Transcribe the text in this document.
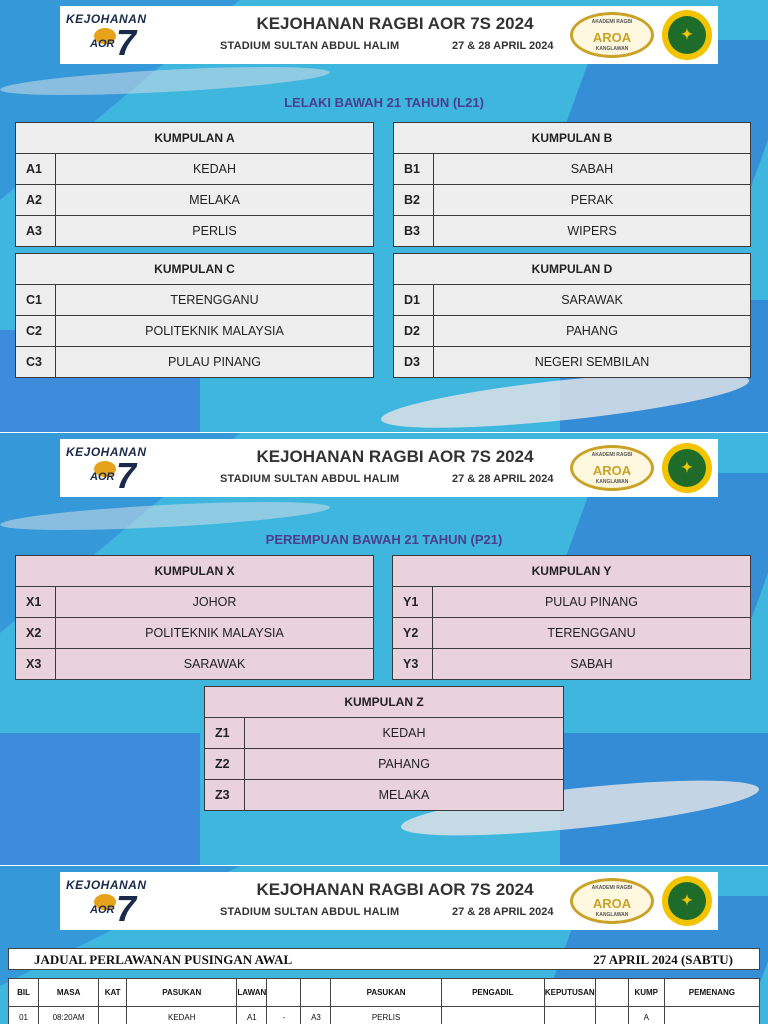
KEJOHANAN
AOR 7	KEJOHANAN RAGBI AOR 7S 2024
STADIUM SULTAN ABDUL HALIM	27 & 28 APRIL 2024
AKADEMI RAGBI
AROA
KANGLAWAN
✦
LELAKI BAWAH 21 TAHUN (L21)
KUMPULAN A	
A1	KEDAH
A2	MELAKA
A3	PERLIS
KUMPULAN B	
B1	SABAH
B2	PERAK
B3	WIPERS
KUMPULAN C	
C1	TERENGGANU
C2	POLITEKNIK MALAYSIA
C3	PULAU PINANG
KUMPULAN D	
D1	SARAWAK
D2	PAHANG
D3	NEGERI SEMBILAN
KEJOHANAN
AOR 7	KEJOHANAN RAGBI AOR 7S 2024
STADIUM SULTAN ABDUL HALIM	27 & 28 APRIL 2024
AKADEMI RAGBI
AROA
KANGLAWAN
✦
PEREMPUAN BAWAH 21 TAHUN (P21)
KUMPULAN X	
X1	JOHOR
X2	POLITEKNIK MALAYSIA
X3	SARAWAK
KUMPULAN Y	
Y1	PULAU PINANG
Y2	TERENGGANU
Y3	SABAH
KUMPULAN Z	
Z1	KEDAH
Z2	PAHANG
Z3	MELAKA
KEJOHANAN
AOR 7	KEJOHANAN RAGBI AOR 7S 2024
STADIUM SULTAN ABDUL HALIM	27 & 28 APRIL 2024
AKADEMI RAGBI
AROA
KANGLAWAN
✦
JADUAL PERLAWANAN PUSINGAN AWAL	27 APRIL 2024 (SABTU)
BIL	MASA	KAT	PASUKAN	LAWAN			PASUKAN	PENGADIL	KEPUTUSAN		KUMP	PEMENANG
01	08:20AM		KEDAH	A1	-	A3	PERLIS				A	
